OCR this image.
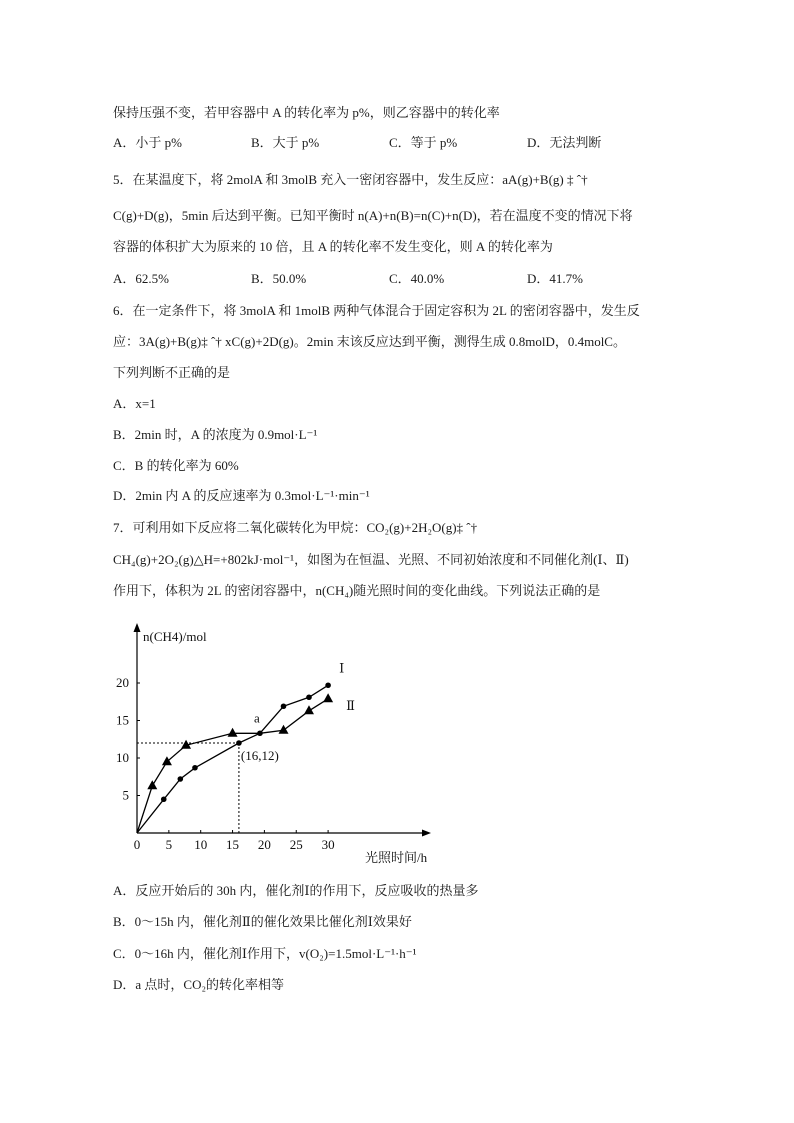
保持压强不变，若甲容器中 A 的转化率为 p%，则乙容器中的转化率
A．小于 p%	B．大于 p%	C．等于 p%	D．无法判断
5．在某温度下，将 2molA 和 3molB 充入一密闭容器中，发生反应：aA(g)+B(g) ‡ ˆ†
C(g)+D(g)，5min 后达到平衡。已知平衡时 n(A)+n(B)=n(C)+n(D)，若在温度不变的情况下将
容器的体积扩大为原来的 10 倍，且 A 的转化率不发生变化，则 A 的转化率为
A．62.5%	B．50.0%	C．40.0%	D．41.7%
6．在一定条件下，将 3molA 和 1molB 两种气体混合于固定容积为 2L 的密闭容器中，发生反
应：3A(g)+B(g)‡ ˆ† xC(g)+2D(g)。2min 末该反应达到平衡，测得生成 0.8molD，0.4molC。
下列判断不正确的是
A．x=1
B．2min 时，A 的浓度为 0.9mol·L⁻¹
C．B 的转化率为 60%
D．2min 内 A 的反应速率为 0.3mol·L⁻¹·min⁻¹
7．可利用如下反应将二氧化碳转化为甲烷：CO₂(g)+2H₂O(g)‡ ˆ†
CH₄(g)+2O₂(g)△H=+802kJ·mol⁻¹，如图为在恒温、光照、不同初始浓度和不同催化剂(Ⅰ、Ⅱ)
作用下，体积为 2L 的密闭容器中，n(CH₄)随光照时间的变化曲线。下列说法正确的是
n(CH4)/mol
光照时间/h
0
5
10
15
20
5 10 15 20 25 30
Ⅰ
Ⅱ
a
(16,12)
A．反应开始后的 30h 内，催化剂Ⅰ的作用下，反应吸收的热量多
B．0～15h 内，催化剂Ⅱ的催化效果比催化剂Ⅰ效果好
C．0～16h 内，催化剂Ⅰ作用下，v(O₂)=1.5mol·L⁻¹·h⁻¹
D．a 点时，CO₂的转化率相等
